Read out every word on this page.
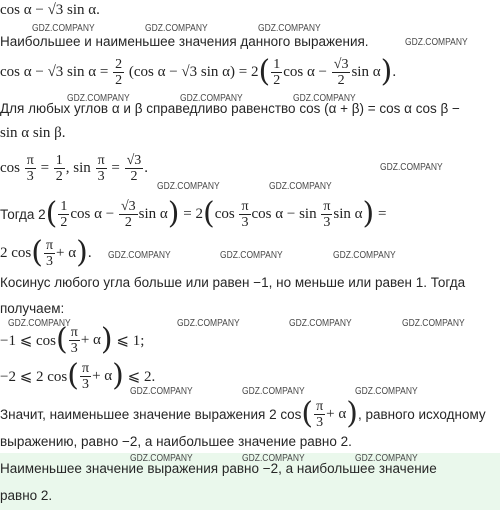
cos α − √3 sin α.
Наибольшее и наименьшее значения данного выражения.
cos α − √3 sin α =
$\frac{2}{2}$
(cos α − √3 sin α) = 2 ( $\frac{1}{2}$ cos α −
$\frac{√3}{2}$ sin α ) .
Для любых углов α и β справедливо равенство cos (α + β) = cos α cos β −
sin α sin β.
cos
$\frac{\pi}{3}$
=
$\frac{1}{2}$ , sin
$\frac{\pi}{3}$
=
$\frac{√3}{2}$ .
Тогда 2 ( $\frac{1}{2}$ cos α −
$\frac{√3}{2}$ sin α )
= 2 ( cos
$\frac{\pi}{3}$ cos α − sin
$\frac{\pi}{3}$ sin α )
=
2 cos ( $\frac{\pi}{3} + \alpha$ ) .
Косинус любого угла больше или равен −1, но меньше или равен 1. Тогда
получаем:
−1 ⩽ cos ( $\frac{\pi}{3} + \alpha$ )
⩽ 1;
−2 ⩽ 2 cos ( $\frac{\pi}{3} + \alpha$ )
⩽ 2.
Значит, наименьшее значение выражения 2 cos ( $\frac{\pi}{3} + \alpha$ ) , равного исходному
выражению, равно −2, а наибольшее значение равно 2.
Наименьшее значение выражения равно −2, а наибольшее значение
равно 2.
GDZ.COMPANY	GDZ.COMPANY	GDZ.COMPANY
GDZ.COMPANY
GDZ.COMPANY	GDZ.COMPANY	GDZ.COMPANY
GDZ.COMPANY
GDZ.COMPANY	GDZ.COMPANY
GDZ.COMPANY	GDZ.COMPANY	GDZ.COMPANY
GDZ.COMPANY	GDZ.COMPANY	GDZ.COMPANY	GDZ.COMPANY
GDZ.COMPANY	GDZ.COMPANY	GDZ.COMPANY
GDZ.COMPANY	GDZ.COMPANY	GDZ.COMPANY
